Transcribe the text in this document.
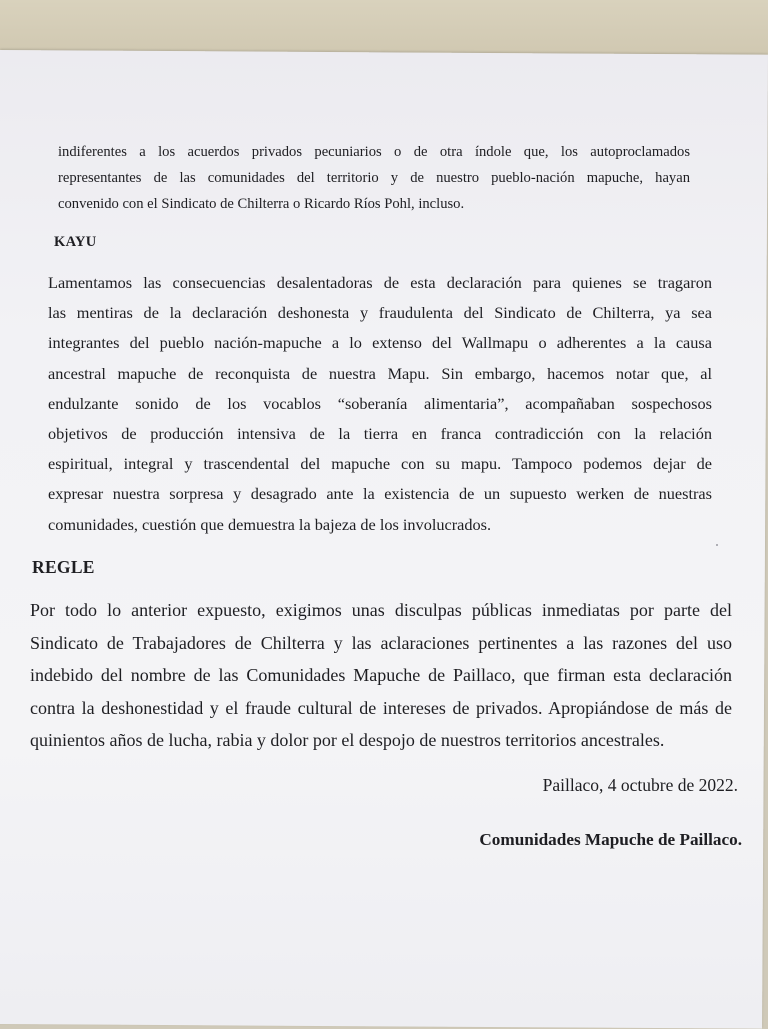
indiferentes a los acuerdos privados pecuniarios o de otra índole que, los autoproclamados
representantes de las comunidades del territorio y de nuestro pueblo-nación mapuche, hayan
convenido con el Sindicato de Chilterra o Ricardo Ríos Pohl, incluso.
KAYU
Lamentamos las consecuencias desalentadoras de esta declaración para quienes se tragaron
las mentiras de la declaración deshonesta y fraudulenta del Sindicato de Chilterra, ya sea
integrantes del pueblo nación-mapuche a lo extenso del Wallmapu o adherentes a la causa
ancestral mapuche de reconquista de nuestra Mapu. Sin embargo, hacemos notar que, al
endulzante sonido de los vocablos “soberanía alimentaria”, acompañaban sospechosos
objetivos de producción intensiva de la tierra en franca contradicción con la relación
espiritual, integral y trascendental del mapuche con su mapu. Tampoco podemos dejar de
expresar nuestra sorpresa y desagrado ante la existencia de un supuesto werken de nuestras
comunidades, cuestión que demuestra la bajeza de los involucrados.
REGLE
Por todo lo anterior expuesto, exigimos unas disculpas públicas inmediatas por parte del
Sindicato de Trabajadores de Chilterra y las aclaraciones pertinentes a las razones del uso
indebido del nombre de las Comunidades Mapuche de Paillaco, que firman esta declaración
contra la deshonestidad y el fraude cultural de intereses de privados. Apropiándose de más de
quinientos años de lucha, rabia y dolor por el despojo de nuestros territorios ancestrales.
Paillaco, 4 octubre de 2022.
Comunidades Mapuche de Paillaco.
